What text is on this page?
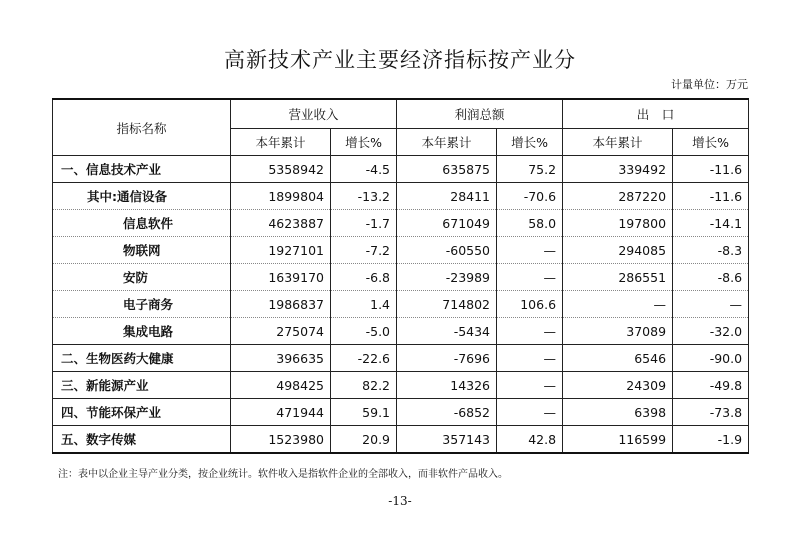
高新技术产业主要经济指标按产业分
计量单位：万元
指标名称	营业收入		利润总额		出　口	
	本年累计	增长%	本年累计	增长%	本年累计	增长%
一、信息技术产业	5358942	-4.5	635875	75.2	339492	-11.6
其中:通信设备	1899804	-13.2	28411	-70.6	287220	-11.6
信息软件	4623887	-1.7	671049	58.0	197800	-14.1
物联网	1927101	-7.2	-60550	—	294085	-8.3
安防	1639170	-6.8	-23989	—	286551	-8.6
电子商务	1986837	1.4	714802	106.6	—	—
集成电路	275074	-5.0	-5434	—	37089	-32.0
二、生物医药大健康	396635	-22.6	-7696	—	6546	-90.0
三、新能源产业	498425	82.2	14326	—	24309	-49.8
四、节能环保产业	471944	59.1	-6852	—	6398	-73.8
五、数字传媒	1523980	20.9	357143	42.8	116599	-1.9
注：表中以企业主导产业分类，按企业统计。软件收入是指软件企业的全部收入，而非软件产品收入。
-13-
